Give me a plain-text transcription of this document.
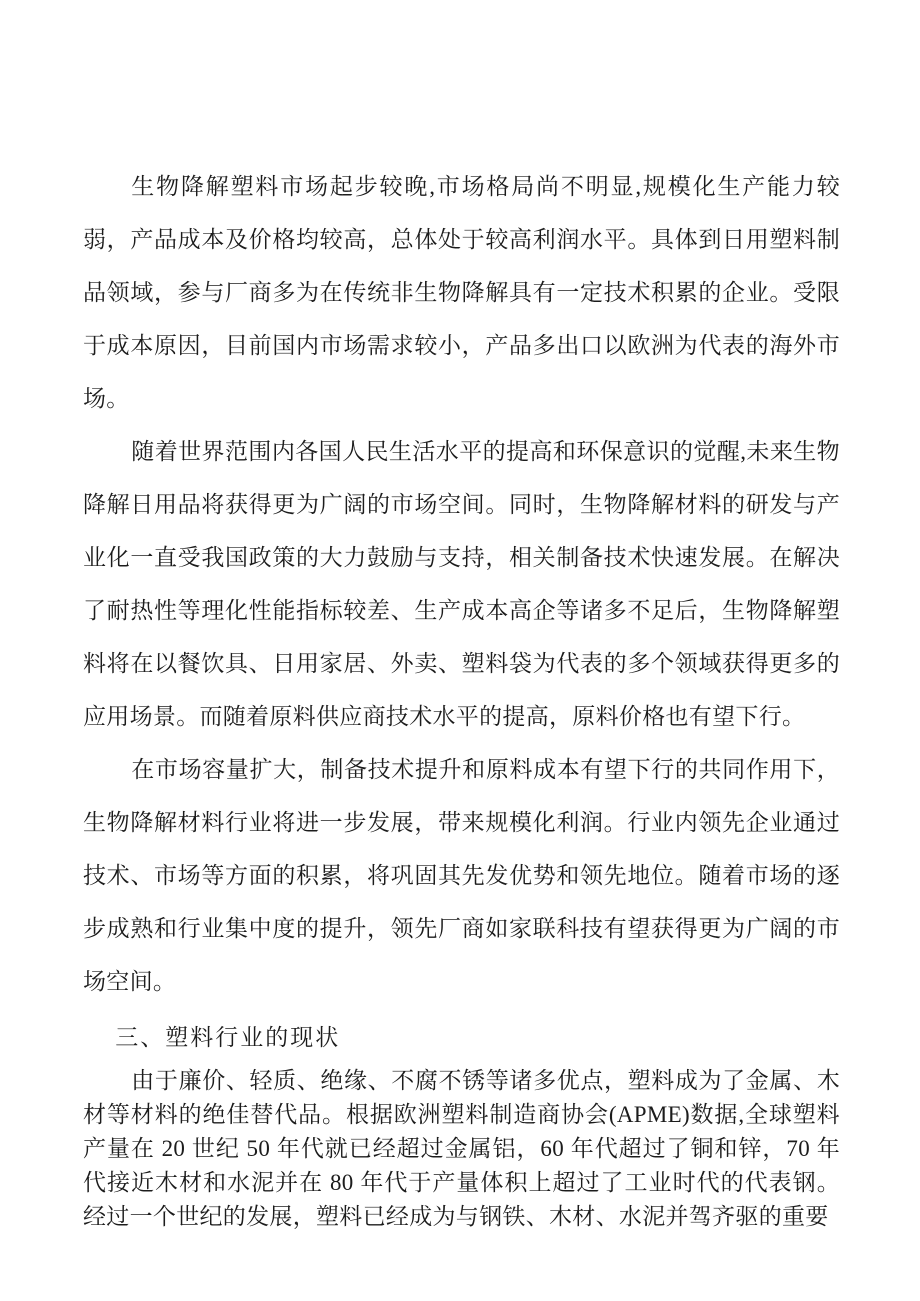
生物降解塑料市场起步较晚,市场格局尚不明显,规模化生产能力较弱，产品成本及价格均较高，总体处于较高利润水平。具体到日用塑料制品领域，参与厂商多为在传统非生物降解具有一定技术积累的企业。受限于成本原因，目前国内市场需求较小，产品多出口以欧洲为代表的海外市场。

随着世界范围内各国人民生活水平的提高和环保意识的觉醒,未来生物降解日用品将获得更为广阔的市场空间。同时，生物降解材料的研发与产业化一直受我国政策的大力鼓励与支持，相关制备技术快速发展。在解决了耐热性等理化性能指标较差、生产成本高企等诸多不足后，生物降解塑料将在以餐饮具、日用家居、外卖、塑料袋为代表的多个领域获得更多的应用场景。而随着原料供应商技术水平的提高，原料价格也有望下行。

在市场容量扩大，制备技术提升和原料成本有望下行的共同作用下，生物降解材料行业将进一步发展，带来规模化利润。行业内领先企业通过技术、市场等方面的积累，将巩固其先发优势和领先地位。随着市场的逐步成熟和行业集中度的提升，领先厂商如家联科技有望获得更为广阔的市场空间。

三、塑料行业的现状

由于廉价、轻质、绝缘、不腐不锈等诸多优点，塑料成为了金属、木材等材料的绝佳替代品。根据欧洲塑料制造商协会(APME)数据,全球塑料产量在 20 世纪 50 年代就已经超过金属铝，60 年代超过了铜和锌，70 年代接近木材和水泥并在 80 年代于产量体积上超过了工业时代的代表钢。经过一个世纪的发展，塑料已经成为与钢铁、木材、水泥并驾齐驱的重要
